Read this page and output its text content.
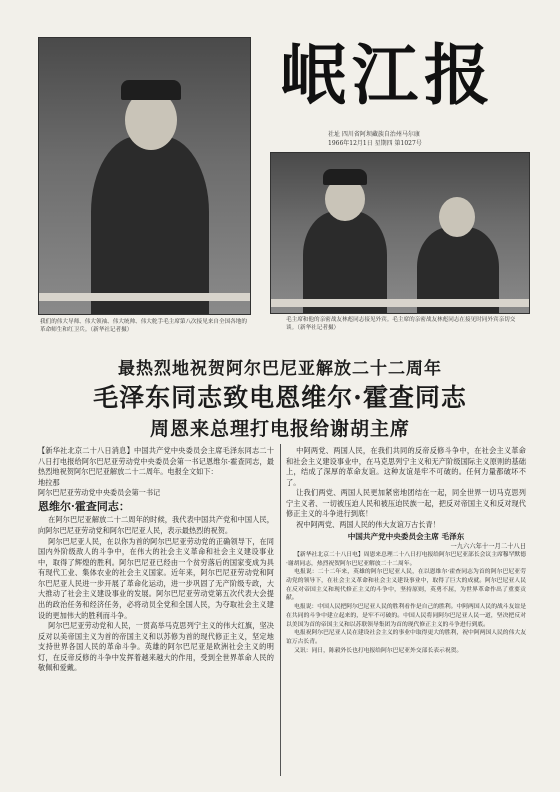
我们的伟大导师、伟大领袖、伟大统帅、伟大舵手毛主席第八次接见来自全国各地的革命师生和红卫兵。（新华社记者摄）
岷江报
社址 四川省阿坝藏族自治州马尔康
1966年12月1日 星期四 第1027号
毛主席和他的亲密战友林彪同志接见外宾。毛主席的亲密战友林彪同志在接见时同外宾亲切交谈。（新华社记者摄）
最热烈地祝贺阿尔巴尼亚解放二十二周年
毛泽东同志致电恩维尔·霍查同志
周恩来总理打电报给谢胡主席

【新华社北京二十八日消息】中国共产党中央委员会主席毛泽东同志二十八日打电报给阿尔巴尼亚劳动党中央委员会第一书记恩维尔·霍查同志，最热烈地祝贺阿尔巴尼亚解放二十二周年。电报全文如下：

地拉那

阿尔巴尼亚劳动党中央委员会第一书记

恩维尔·霍查同志：

在阿尔巴尼亚解放二十二周年的时候，我代表中国共产党和中国人民，向阿尔巴尼亚劳动党和阿尔巴尼亚人民，表示最热烈的祝贺。

阿尔巴尼亚人民，在以你为首的阿尔巴尼亚劳动党的正确领导下，在同国内外阶级敌人的斗争中，在伟大的社会主义革命和社会主义建设事业中，取得了辉煌的胜利。阿尔巴尼亚已经由一个贫穷落后的国家变成为具有现代工业、集体农业的社会主义国家。近年来，阿尔巴尼亚劳动党和阿尔巴尼亚人民进一步开展了革命化运动，进一步巩固了无产阶级专政，大大推动了社会主义建设事业的发展。阿尔巴尼亚劳动党第五次代表大会提出的政治任务和经济任务，必将动员全党和全国人民，为夺取社会主义建设的更加伟大的胜利而斗争。

阿尔巴尼亚劳动党和人民，一贯高举马克思列宁主义的伟大红旗，坚决反对以美帝国主义为首的帝国主义和以苏修为首的现代修正主义，坚定地支持世界各国人民的革命斗争。英雄的阿尔巴尼亚是欧洲社会主义的明灯，在反帝反修的斗争中发挥着越来越大的作用，受到全世界革命人民的敬佩和爱戴。

中阿两党、两国人民，在我们共同的反帝反修斗争中，在社会主义革命和社会主义建设事业中，在马克思列宁主义和无产阶级国际主义原则的基础上，结成了深厚的革命友谊。这种友谊是牢不可破的。任何力量都破坏不了。

让我们两党、两国人民更加紧密地团结在一起，同全世界一切马克思列宁主义者、一切被压迫人民和被压迫民族一起，把反对帝国主义和反对现代修正主义的斗争进行到底！

祝中阿两党、两国人民的伟大友谊万古长青！

中国共产党中央委员会主席 毛泽东

一九六六年十一月二十八日

【新华社北京二十八日电】周恩来总理二十八日打电报给阿尔巴尼亚部长会议主席穆罕默德·谢胡同志，热烈祝贺阿尔巴尼亚解放二十二周年。

电报说：二十二年来，英雄的阿尔巴尼亚人民，在以恩维尔·霍查同志为首的阿尔巴尼亚劳动党的领导下，在社会主义革命和社会主义建设事业中，取得了巨大的成就。阿尔巴尼亚人民在反对帝国主义和现代修正主义的斗争中，坚持原则，英勇不屈，为世界革命作出了重要贡献。

电报说：中国人民把阿尔巴尼亚人民的胜利看作是自己的胜利。中阿两国人民的战斗友谊是在共同的斗争中建立起来的，是牢不可破的。中国人民将同阿尔巴尼亚人民一道，坚决把反对以美国为首的帝国主义和以苏联领导集团为首的现代修正主义的斗争进行到底。

电报祝阿尔巴尼亚人民在建设社会主义的事业中取得更大的胜利，祝中阿两国人民的伟大友谊万古长青。

又讯：同日，陈毅外长也打电报给阿尔巴尼亚外交部长表示祝贺。
